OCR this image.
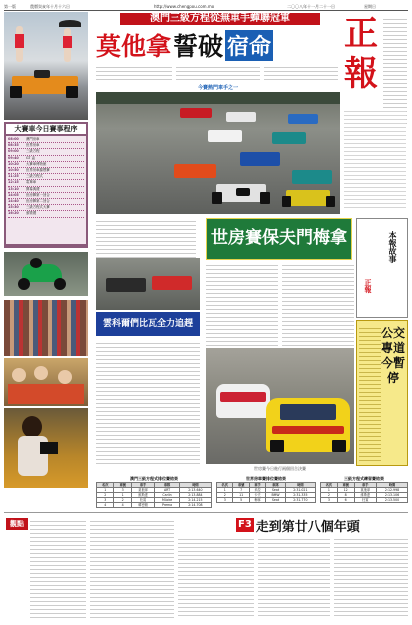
第一版	農曆癸亥年十月十六日	http://www.chengpou.com.mo	二〇〇八年十一月二十一日	星期日
澳門三級方程從無車手蟬聯冠軍
莫他拿 誓破 宿命 正
報
今賽熱門車手之一
大賽車今日賽事程序
08:00	澳門房車
08:35	世界房車
09:00	三級方程
09:40	GT 盃
10:20	大賽車博物館
10:50	世界房車錦標賽
11:25	三級方程式
12:15	電單車
13:10	開幕典禮
14:05	世房賽第一回合
14:40	世房賽第二回合
15:30	三級方程式大賽
16:20	頒獎禮
世房賽保夫門梅拿	本報故事
正報
公交
專道
今暫
停
雲科爾們比瓦全力追趕
世房賽今日進行兩個回合決賽
澳門三級方程式排位賽結果
名次	車號	車手	車隊	時間
1	3	莫他拿	ART	2:13.640
2	1	維斯達	Carlin	2:13.884
3	2	杜賓	Mücke	2:14.215
4	4	韓密頓	Prema	2:14.708
世界房車賽排位賽結果
名次	車號	車手	車隊	時間
1	7	米拉	Seat	2:31.021
2	11	卡夫	BMW	2:31.335
3	5	梅拿	Seat	2:31.770
三級方程式練習賽結果
名次	車號	車手	時間
1	12	莫他拿	2:12.998
2	8	維斯達	2:13.106
3	6	杜賓	2:13.500
觀點	F3 走到第廿八個年頭
